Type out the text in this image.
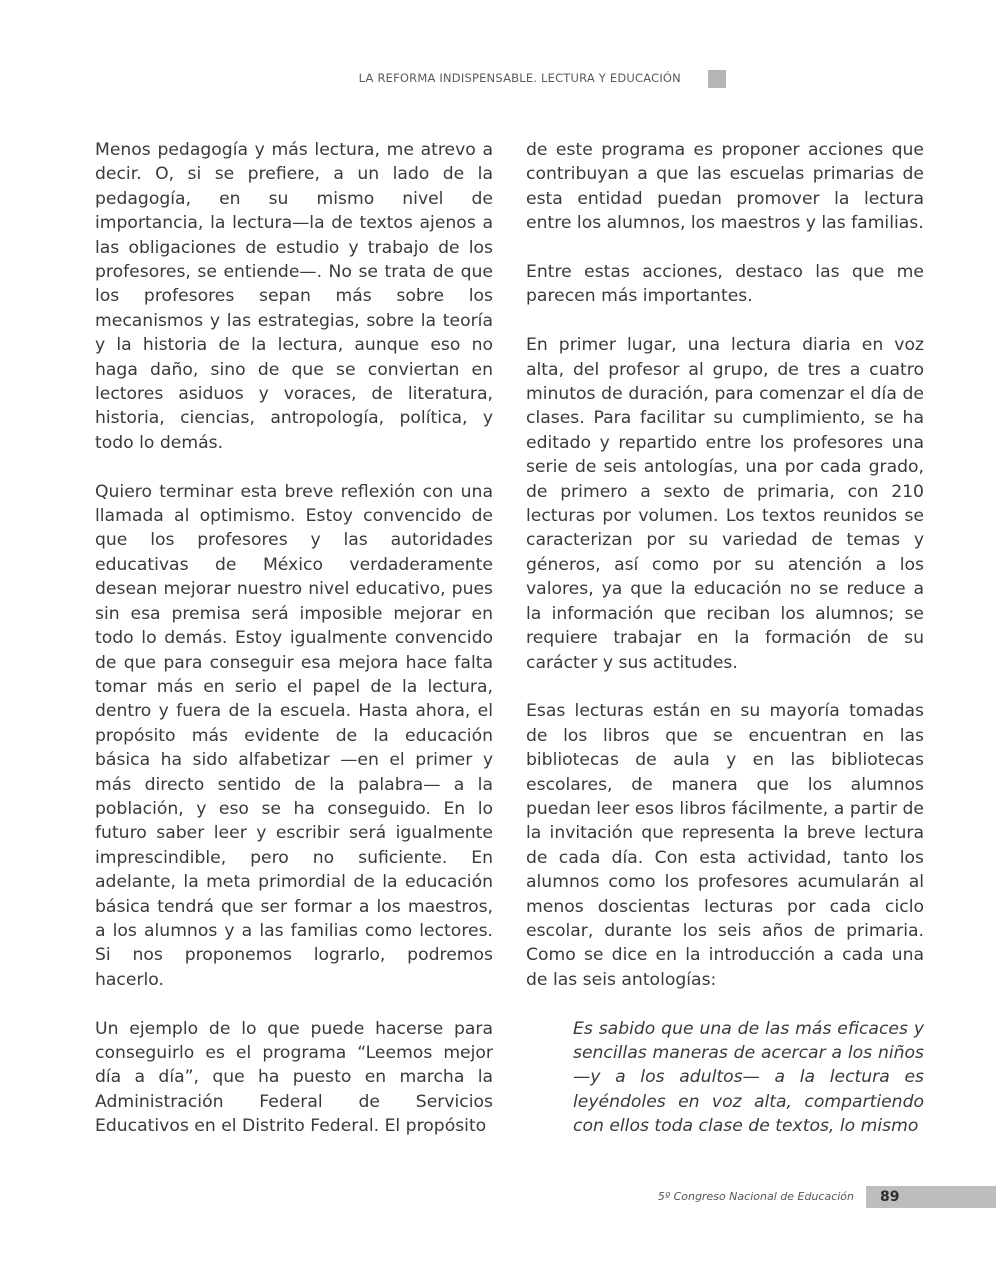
LA REFORMA INDISPENSABLE. LECTURA Y EDUCACIÓN

Menos pedagogía y más lectura, me atrevo a decir. O, si se prefiere, a un lado de la pedagogía, en su mismo nivel de importancia, la lectura—la de textos ajenos a las obligaciones de estudio y trabajo de los profesores, se entiende—. No se trata de que los profesores sepan más sobre los mecanismos y las estrategias, sobre la teoría y la historia de la lectura, aunque eso no haga daño, sino de que se conviertan en lectores asiduos y voraces, de literatura, historia, ciencias, antropología, política, y todo lo demás.

Quiero terminar esta breve reflexión con una llamada al optimismo. Estoy convencido de que los profesores y las autoridades educativas de México verdaderamente desean mejorar nuestro nivel educativo, pues sin esa premisa será imposible mejorar en todo lo demás. Estoy igualmente convencido de que para conseguir esa mejora hace falta tomar más en serio el papel de la lectura, dentro y fuera de la escuela. Hasta ahora, el propósito más evidente de la educación básica ha sido alfabetizar —en el primer y más directo sentido de la palabra— a la población, y eso se ha conseguido. En lo futuro saber leer y escribir será igualmente imprescindible, pero no suficiente. En adelante, la meta primordial de la educación básica tendrá que ser formar a los maestros, a los alumnos y a las familias como lectores. Si nos proponemos lograrlo, podremos hacerlo.

Un ejemplo de lo que puede hacerse para conseguirlo es el programa “Leemos mejor día a día”, que ha puesto en marcha la Administración Federal de Servicios Educativos en el Distrito Federal. El propósito

de este programa es proponer acciones que contribuyan a que las escuelas primarias de esta entidad puedan promover la lectura entre los alumnos, los maestros y las familias.

Entre estas acciones, destaco las que me parecen más importantes.

En primer lugar, una lectura diaria en voz alta, del profesor al grupo, de tres a cuatro minutos de duración, para comenzar el día de clases. Para facilitar su cumplimiento, se ha editado y repartido entre los profesores una serie de seis antologías, una por cada grado, de primero a sexto de primaria, con 210 lecturas por volumen. Los textos reunidos se caracterizan por su variedad de temas y géneros, así como por su atención a los valores, ya que la educación no se reduce a la información que reciban los alumnos; se requiere trabajar en la formación de su carácter y sus actitudes.

Esas lecturas están en su mayoría tomadas de los libros que se encuentran en las bibliotecas de aula y en las bibliotecas escolares, de manera que los alumnos puedan leer esos libros fácilmente, a partir de la invitación que representa la breve lectura de cada día. Con esta actividad, tanto los alumnos como los profesores acumularán al menos doscientas lecturas por cada ciclo escolar, durante los seis años de primaria. Como se dice en la introducción a cada una de las seis antologías:

Es sabido que una de las más eficaces y sencillas maneras de acercar a los niños —y a los adultos— a la lectura es leyéndoles en voz alta, compartiendo con ellos toda clase de textos, lo mismo

5º Congreso Nacional de Educación 89
